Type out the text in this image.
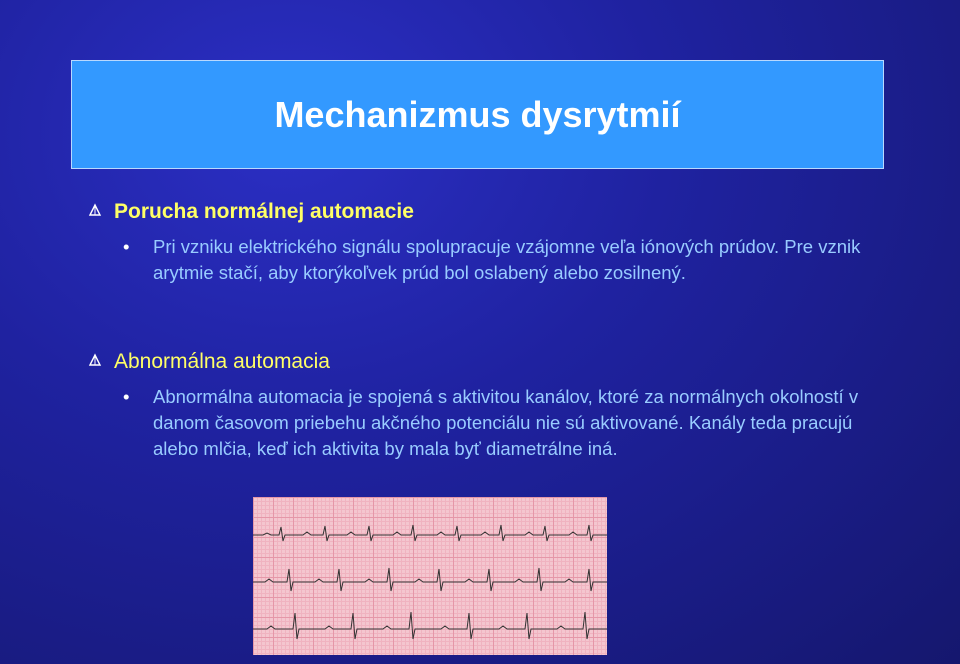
Mechanizmus dysrytmií
Porucha normálnej automacie
•	Pri vzniku elektrického signálu spolupracuje vzájomne veľa iónových prúdov. Pre vznik arytmie stačí, aby ktorýkoľvek prúd bol oslabený alebo zosilnený.
Abnormálna automacia
•	Abnormálna automacia je spojená s aktivitou kanálov, ktoré za normálnych okolností v danom časovom priebehu akčného potenciálu nie sú aktivované. Kanály teda pracujú alebo mlčia, keď ich aktivita by mala byť diametrálne iná.
